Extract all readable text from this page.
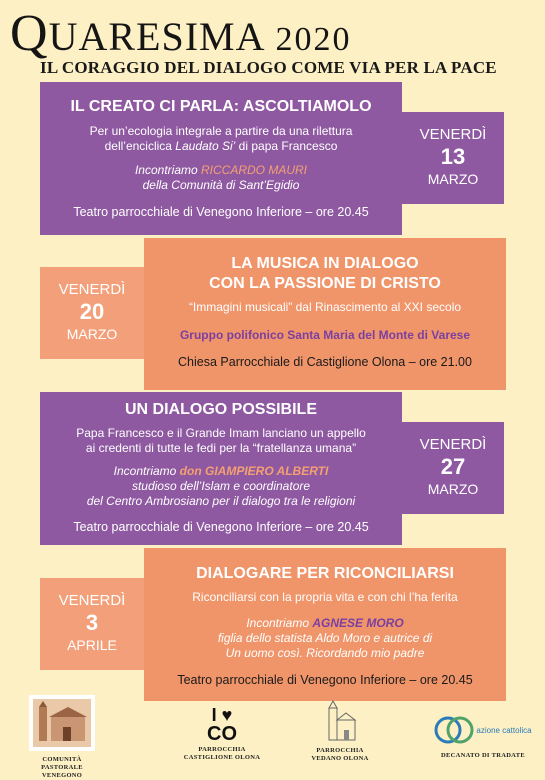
QUARESIMA 2020
IL CORAGGIO DEL DIALOGO COME VIA PER LA PACE
IL CREATO CI PARLA: ASCOLTIAMOLO
Per un’ecologia integrale a partire da una rilettura
dell’enciclica Laudato Si’ di papa Francesco
Incontriamo RICCARDO MAURI
della Comunità di Sant’Egidio
Teatro parrocchiale di Venegono Inferiore – ore 20.45
VENERDÌ
13
MARZO
VENERDÌ
20
MARZO
LA MUSICA IN DIALOGO
CON LA PASSIONE DI CRISTO
“Immagini musicali” dal Rinascimento al XXI secolo
Gruppo polifonico Santa Maria del Monte di Varese
Chiesa Parrocchiale di Castiglione Olona – ore 21.00
UN DIALOGO POSSIBILE
Papa Francesco e il Grande Imam lanciano un appello
ai credenti di tutte le fedi per la “fratellanza umana”
Incontriamo don GIAMPIERO ALBERTI
studioso dell’Islam e coordinatore
del Centro Ambrosiano per il dialogo tra le religioni
Teatro parrocchiale di Venegono Inferiore – ore 20.45
VENERDÌ
27
MARZO
VENERDÌ
3
APRILE
DIALOGARE PER RICONCILIARSI
Riconciliarsi con la propria vita e con chi l’ha ferita
Incontriamo AGNESE MORO
figlia dello statista Aldo Moro e autrice di
Un uomo così. Ricordando mio padre
Teatro parrocchiale di Venegono Inferiore – ore 20.45
COMUNITÀ PASTORALE
VENEGONO
I ♥
CO
PARROCCHIA
CASTIGLIONE OLONA
PARROCCHIA
VEDANO OLONA
azione cattolica
DECANATO DI TRADATE
